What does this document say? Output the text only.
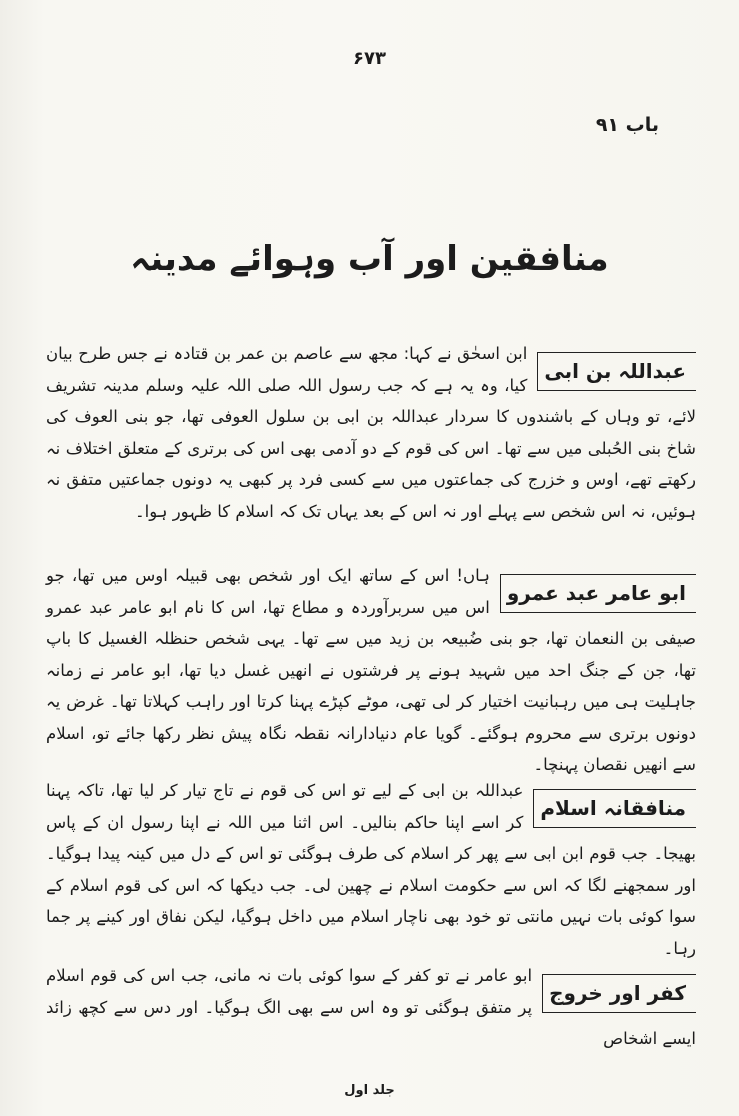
۶۷۳
باب ۹۱
منافقین اور آب وہوائے مدینہ
عبداللہ بن ابی

ابن اسحٰق نے کہا: مجھ سے عاصم بن عمر بن قتادہ نے جس طرح بیان کیا، وہ یہ ہے کہ جب رسول اللہ صلی اللہ علیہ وسلم مدینہ تشریف لائے، تو وہاں کے باشندوں کا سردار عبداللہ بن ابی بن سلول العوفی تھا، جو بنی العوف کی شاخ بنی الحُبلی میں سے تھا۔ اس کی قوم کے دو آدمی بھی اس کی برتری کے متعلق اختلاف نہ رکھتے تھے، اوس و خزرج کی جماعتوں میں سے کسی فرد پر کبھی یہ دونوں جماعتیں متفق نہ ہوئیں، نہ اس شخص سے پہلے اور نہ اس کے بعد یہاں تک کہ اسلام کا ظہور ہوا۔

ابو عامر عبد عمرو

ہاں! اس کے ساتھ ایک اور شخص بھی قبیلہ اوس میں تھا، جو اس میں سربرآوردہ و مطاع تھا، اس کا نام ابو عامر عبد عمرو صیفی بن النعمان تھا، جو بنی ضُبیعہ بن زید میں سے تھا۔ یہی شخص حنظلہ الغسیل کا باپ تھا، جن کے جنگ احد میں شہید ہونے پر فرشتوں نے انھیں غسل دیا تھا، ابو عامر نے زمانہ جاہلیت ہی میں رہبانیت اختیار کر لی تھی، موٹے کپڑے پہنا کرتا اور راہب کہلاتا تھا۔ غرض یہ دونوں برتری سے محروم ہوگئے۔ گویا عام دنیادارانہ نقطہ نگاہ پیش نظر رکھا جائے تو، اسلام سے انھیں نقصان پہنچا۔

منافقانہ اسلام

عبداللہ بن ابی کے لیے تو اس کی قوم نے تاج تیار کر لیا تھا، تاکہ پہنا کر اسے اپنا حاکم بنالیں۔ اس اثنا میں اللہ نے اپنا رسول ان کے پاس بھیجا۔ جب قوم ابن ابی سے پھر کر اسلام کی طرف ہوگئی تو اس کے دل میں کینہ پیدا ہوگیا۔ اور سمجھنے لگا کہ اس سے حکومت اسلام نے چھین لی۔ جب دیکھا کہ اس کی قوم اسلام کے سوا کوئی بات نہیں مانتی تو خود بھی ناچار اسلام میں داخل ہوگیا، لیکن نفاق اور کینے پر جما رہا۔

کفر اور خروج

ابو عامر نے تو کفر کے سوا کوئی بات نہ مانی، جب اس کی قوم اسلام پر متفق ہوگئی تو وہ اس سے بھی الگ ہوگیا۔ اور دس سے کچھ زائد ایسے اشخاص

جلد اول
